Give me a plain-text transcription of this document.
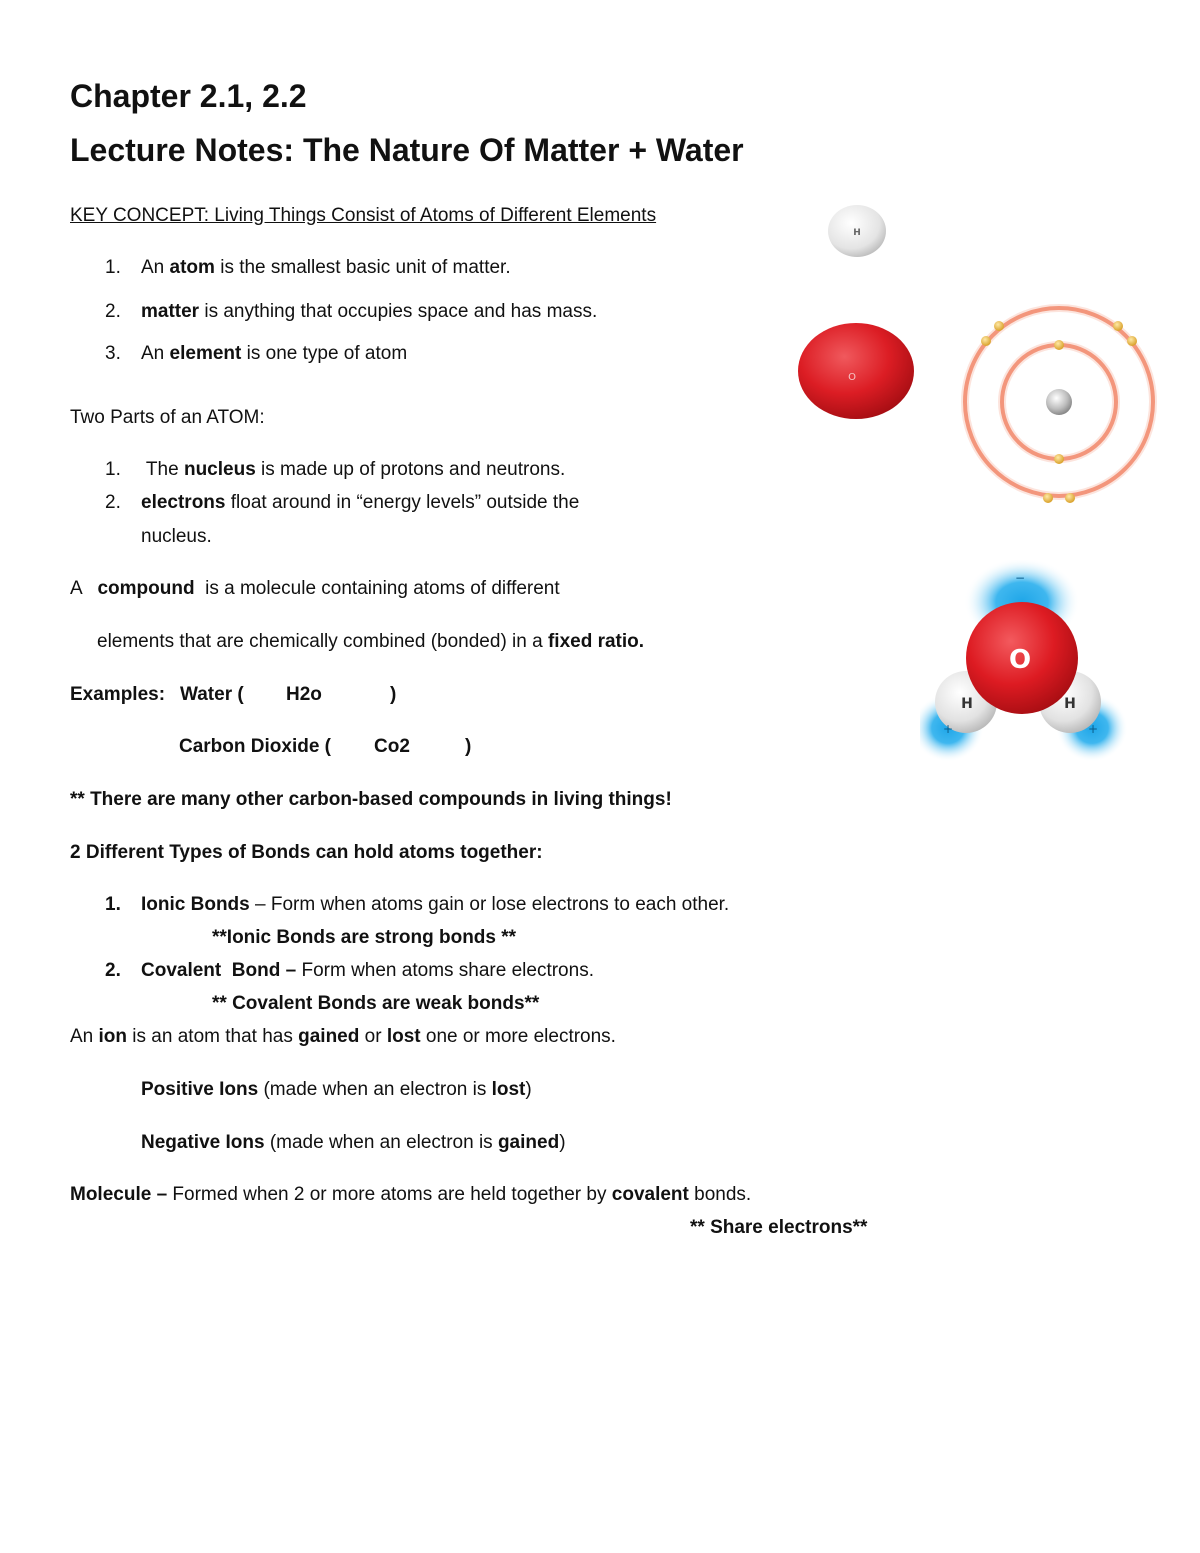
Chapter 2.1, 2.2
Lecture Notes: The Nature Of Matter + Water
KEY CONCEPT: Living Things Consist of Atoms of Different Elements
1. An atom is the smallest basic unit of matter.
2. matter is anything that occupies space and has mass.
3. An element is one type of atom
Two Parts of an ATOM:
1. The nucleus is made up of protons and neutrons.
2. electrons float around in “energy levels” outside the
nucleus.
A   compound  is a molecule containing atoms of different
elements that are chemically combined (bonded) in a fixed ratio.
Examples: Water ( H2o	)
Carbon Dioxide ( Co2	)
** There are many other carbon-based compounds in living things!
2 Different Types of Bonds can hold atoms together:
1. Ionic Bonds – Form when atoms gain or lose electrons to each other.
**Ionic Bonds are strong bonds **
2. Covalent  Bond – Form when atoms share electrons.
** Covalent Bonds are weak bonds**
An ion is an atom that has gained or lost one or more electrons.
Positive Ions (made when an electron is lost)
Negative Ions (made when an electron is gained)
Molecule – Formed when 2 or more atoms are held together by covalent bonds.
** Share electrons**
H
O
O
H	H
−
+	+
